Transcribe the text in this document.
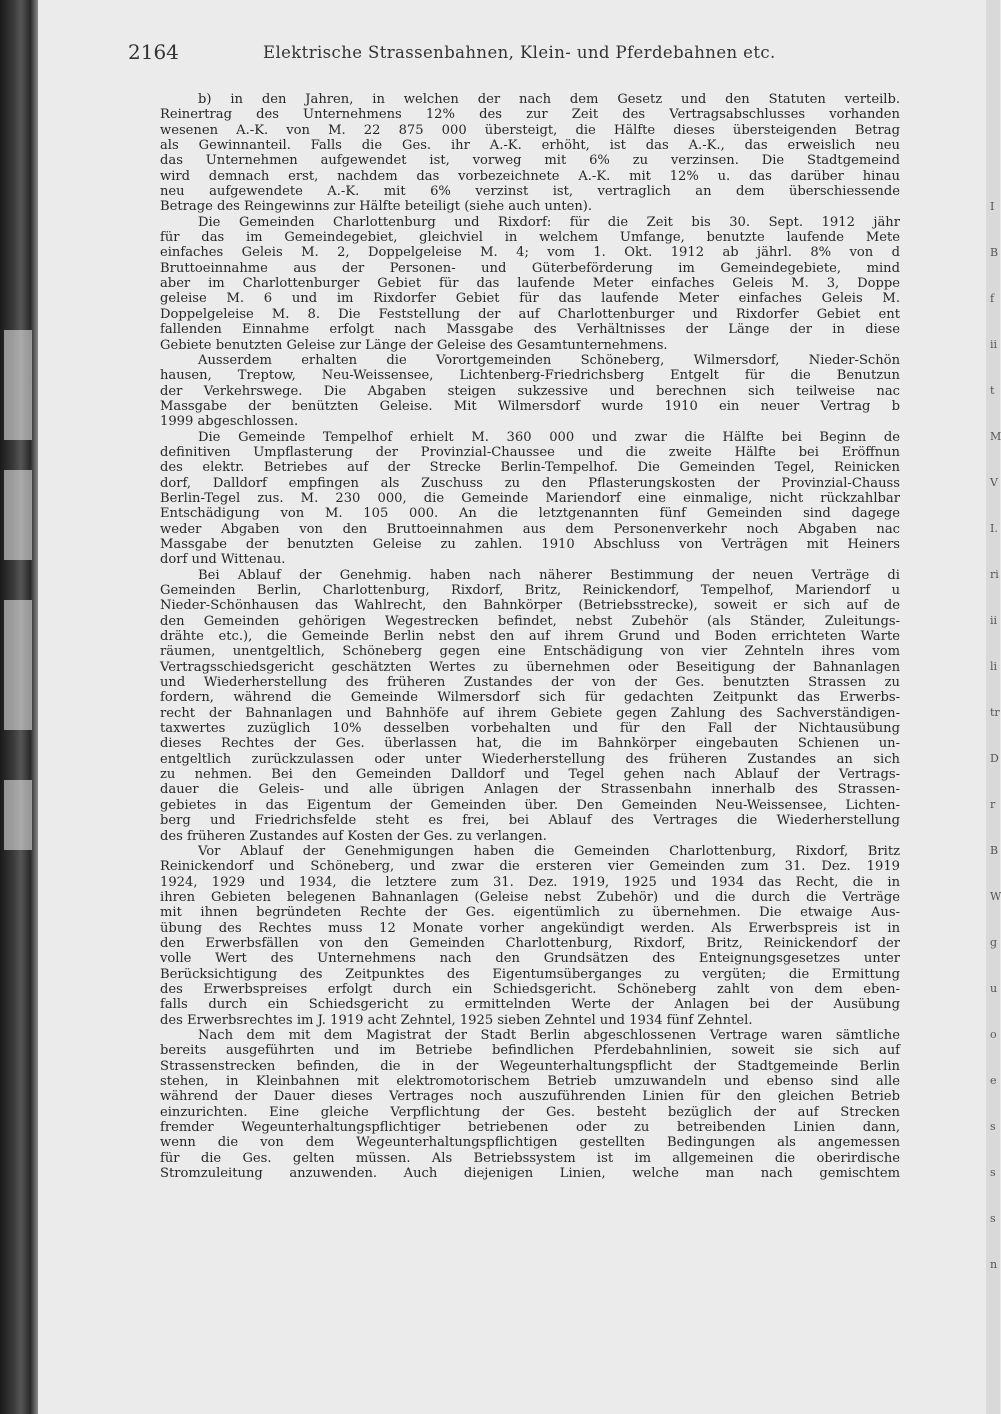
I
B
f
ii
t
M
V
I.
ri
ii
li
tr
D
r
B
W
g
u
o
e
s
s
s
n
2164	Elektrische Strassenbahnen, Klein- und Pferdebahnen etc.
b) in den Jahren, in welchen der nach dem Gesetz und den Statuten verteilb.
Reinertrag des Unternehmens 12% des zur Zeit des Vertragsabschlusses vorhanden
wesenen A.-K. von M. 22 875 000 übersteigt, die Hälfte dieses übersteigenden Betrag
als Gewinnanteil. Falls die Ges. ihr A.-K. erhöht, ist das A.-K., das erweislich neu
das Unternehmen aufgewendet ist, vorweg mit 6% zu verzinsen. Die Stadtgemeind
wird demnach erst, nachdem das vorbezeichnete A.-K. mit 12% u. das darüber hinau
neu aufgewendete A.-K. mit 6% verzinst ist, vertraglich an dem überschiessende
Betrage des Reingewinns zur Hälfte beteiligt (siehe auch unten).
Die Gemeinden Charlottenburg und Rixdorf: für die Zeit bis 30. Sept. 1912 jähr
für das im Gemeindegebiet, gleichviel in welchem Umfange, benutzte laufende Mete
einfaches Geleis M. 2, Doppelgeleise M. 4; vom 1. Okt. 1912 ab jährl. 8% von d
Bruttoeinnahme aus der Personen- und Güterbeförderung im Gemeindegebiete, mind
aber im Charlottenburger Gebiet für das laufende Meter einfaches Geleis M. 3, Doppe
geleise M. 6 und im Rixdorfer Gebiet für das laufende Meter einfaches Geleis M.
Doppelgeleise M. 8. Die Feststellung der auf Charlottenburger und Rixdorfer Gebiet ent
fallenden Einnahme erfolgt nach Massgabe des Verhältnisses der Länge der in diese
Gebiete benutzten Geleise zur Länge der Geleise des Gesamtunternehmens.
Ausserdem erhalten die Vorortgemeinden Schöneberg, Wilmersdorf, Nieder-Schön
hausen, Treptow, Neu-Weissensee, Lichtenberg-Friedrichsberg Entgelt für die Benutzun
der Verkehrswege. Die Abgaben steigen sukzessive und berechnen sich teilweise nac
Massgabe der benützten Geleise. Mit Wilmersdorf wurde 1910 ein neuer Vertrag b
1999 abgeschlossen.
Die Gemeinde Tempelhof erhielt M. 360 000 und zwar die Hälfte bei Beginn de
definitiven Umpflasterung der Provinzial-Chaussee und die zweite Hälfte bei Eröffnun
des elektr. Betriebes auf der Strecke Berlin-Tempelhof. Die Gemeinden Tegel, Reinicken
dorf, Dalldorf empfingen als Zuschuss zu den Pflasterungskosten der Provinzial-Chauss
Berlin-Tegel zus. M. 230 000, die Gemeinde Mariendorf eine einmalige, nicht rückzahlbar
Entschädigung von M. 105 000. An die letztgenannten fünf Gemeinden sind dagege
weder Abgaben von den Bruttoeinnahmen aus dem Personenverkehr noch Abgaben nac
Massgabe der benutzten Geleise zu zahlen. 1910 Abschluss von Verträgen mit Heiners
dorf und Wittenau.
Bei Ablauf der Genehmig. haben nach näherer Bestimmung der neuen Verträge di
Gemeinden Berlin, Charlottenburg, Rixdorf, Britz, Reinickendorf, Tempelhof, Mariendorf u
Nieder-Schönhausen das Wahlrecht, den Bahnkörper (Betriebsstrecke), soweit er sich auf de
den Gemeinden gehörigen Wegestrecken befindet, nebst Zubehör (als Ständer, Zuleitungs-
drähte etc.), die Gemeinde Berlin nebst den auf ihrem Grund und Boden errichteten Warte
räumen, unentgeltlich, Schöneberg gegen eine Entschädigung von vier Zehnteln ihres vom
Vertragsschiedsgericht geschätzten Wertes zu übernehmen oder Beseitigung der Bahnanlagen
und Wiederherstellung des früheren Zustandes der von der Ges. benutzten Strassen zu
fordern, während die Gemeinde Wilmersdorf sich für gedachten Zeitpunkt das Erwerbs-
recht der Bahnanlagen und Bahnhöfe auf ihrem Gebiete gegen Zahlung des Sachverständigen-
taxwertes zuzüglich 10% desselben vorbehalten und für den Fall der Nichtausübung
dieses Rechtes der Ges. überlassen hat, die im Bahnkörper eingebauten Schienen un-
entgeltlich zurückzulassen oder unter Wiederherstellung des früheren Zustandes an sich
zu nehmen. Bei den Gemeinden Dalldorf und Tegel gehen nach Ablauf der Vertrags-
dauer die Geleis- und alle übrigen Anlagen der Strassenbahn innerhalb des Strassen-
gebietes in das Eigentum der Gemeinden über. Den Gemeinden Neu-Weissensee, Lichten-
berg und Friedrichsfelde steht es frei, bei Ablauf des Vertrages die Wiederherstellung
des früheren Zustandes auf Kosten der Ges. zu verlangen.
Vor Ablauf der Genehmigungen haben die Gemeinden Charlottenburg, Rixdorf, Britz
Reinickendorf und Schöneberg, und zwar die ersteren vier Gemeinden zum 31. Dez. 1919
1924, 1929 und 1934, die letztere zum 31. Dez. 1919, 1925 und 1934 das Recht, die in
ihren Gebieten belegenen Bahnanlagen (Geleise nebst Zubehör) und die durch die Verträge
mit ihnen begründeten Rechte der Ges. eigentümlich zu übernehmen. Die etwaige Aus-
übung des Rechtes muss 12 Monate vorher angekündigt werden. Als Erwerbspreis ist in
den Erwerbsfällen von den Gemeinden Charlottenburg, Rixdorf, Britz, Reinickendorf der
volle Wert des Unternehmens nach den Grundsätzen des Enteignungsgesetzes unter
Berücksichtigung des Zeitpunktes des Eigentumsüberganges zu vergüten; die Ermittung
des Erwerbspreises erfolgt durch ein Schiedsgericht. Schöneberg zahlt von dem eben-
falls durch ein Schiedsgericht zu ermittelnden Werte der Anlagen bei der Ausübung
des Erwerbsrechtes im J. 1919 acht Zehntel, 1925 sieben Zehntel und 1934 fünf Zehntel.
Nach dem mit dem Magistrat der Stadt Berlin abgeschlossenen Vertrage waren sämtliche
bereits ausgeführten und im Betriebe befindlichen Pferdebahnlinien, soweit sie sich auf
Strassenstrecken befinden, die in der Wegeunterhaltungspflicht der Stadtgemeinde Berlin
stehen, in Kleinbahnen mit elektromotorischem Betrieb umzuwandeln und ebenso sind alle
während der Dauer dieses Vertrages noch auszuführenden Linien für den gleichen Betrieb
einzurichten. Eine gleiche Verpflichtung der Ges. besteht bezüglich der auf Strecken
fremder Wegeunterhaltungspflichtiger betriebenen oder zu betreibenden Linien dann,
wenn die von dem Wegeunterhaltungspflichtigen gestellten Bedingungen als angemessen
für die Ges. gelten müssen. Als Betriebssystem ist im allgemeinen die oberirdische
Stromzuleitung anzuwenden. Auch diejenigen Linien, welche man nach gemischtem
